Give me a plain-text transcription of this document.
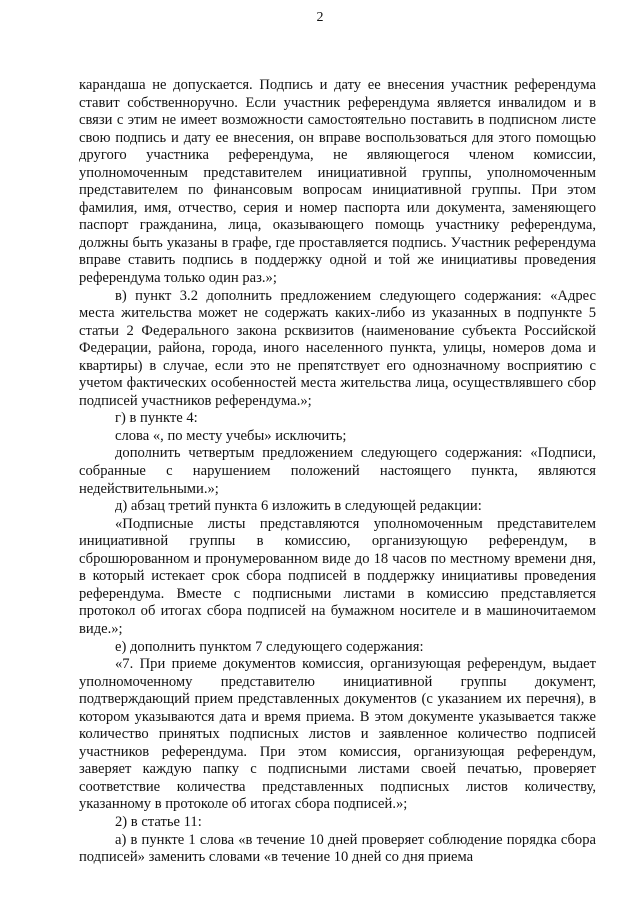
2

карандаша не допускается. Подпись и дату ее внесения участник референдума ставит собственноручно. Если участник референдума является инвалидом и в связи с этим не имеет возможности самостоятельно поставить в подписном листе свою подпись и дату ее внесения, он вправе воспользоваться для этого помощью другого участника референдума, не являющегося членом комиссии, уполномоченным представителем инициативной группы, уполномоченным представителем по финансовым вопросам инициативной группы. При этом фамилия, имя, отчество, серия и номер паспорта или документа, заменяющего паспорт гражданина, лица, оказывающего помощь участнику референдума, должны быть указаны в графе, где проставляется подпись. Участник референдума вправе ставить подпись в поддержку одной и той же инициативы проведения референдума только один раз.»;

в) пункт 3.2 дополнить предложением следующего содержания: «Адрес места жительства может не содержать каких-либо из указанных в подпункте 5 статьи 2 Федерального закона рсквизитов (наименование субъекта Российской Федерации, района, города, иного населенного пункта, улицы, номеров дома и квартиры) в случае, если это не препятствует его однозначному восприятию с учетом фактических особенностей места жительства лица, осуществлявшего сбор подписей участников референдума.»;

г) в пункте 4:

слова «, по месту учебы» исключить;

дополнить четвертым предложением следующего содержания: «Подписи, собранные с нарушением положений настоящего пункта, являются недействительными.»;

д) абзац третий пункта 6 изложить в следующей редакции:

«Подписные листы представляются уполномоченным представителем инициативной группы в комиссию, организующую референдум, в сброшюрованном и пронумерованном виде до 18 часов по местному времени дня, в который истекает срок сбора подписей в поддержку инициативы проведения референдума. Вместе с подписными листами в комиссию представляется протокол об итогах сбора подписей на бумажном носителе и в машиночитаемом виде.»;

е) дополнить пунктом 7 следующего содержания:

«7. При приеме документов комиссия, организующая референдум, выдает уполномоченному представителю инициативной группы документ, подтверждающий прием представленных документов (с указанием их перечня), в котором указываются дата и время приема. В этом документе указывается также количество принятых подписных листов и заявленное количество подписей участников референдума. При этом комиссия, организующая референдум, заверяет каждую папку с подписными листами своей печатью, проверяет соответствие количества представленных подписных листов количеству, указанному в протоколе об итогах сбора подписей.»;

2) в статье 11:

а) в пункте 1 слова «в течение 10 дней проверяет соблюдение порядка сбора подписей» заменить словами «в течение 10 дней со дня приема
